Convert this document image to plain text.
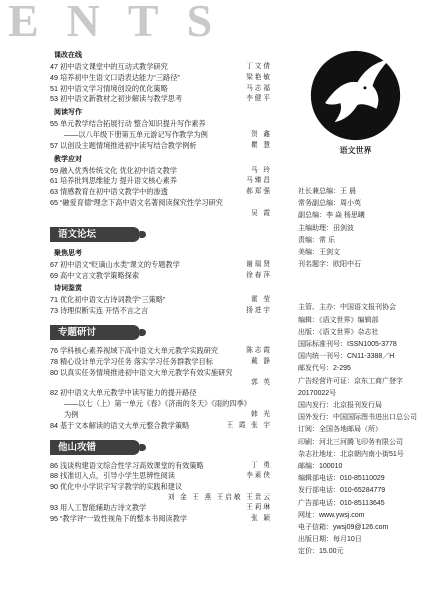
ENTS
课改在线
47 初中语文课堂中的互动式教学研究	丁文倩
49 培养初中生语文口语表达能力“三路径”	梁艳敏
51 初中语文学习情境创设的优化策略	马志福
53 初中语文新教材之初步解读与教学思考	李健平
阅读写作
55 单元教学结合拓展行动 整合知识提升写作素养
——以八年级下册第五单元游记写作教学为例	贺 鑫
57 以创设主题情境推进初中读写结合教学例析	瞿 慧
教学应对
59 融入优秀传统文化 优化初中语文教学	马 玲
61 培养批判思维能力 提升语文核心素养	马臻昌
63 情感教育在初中语文教学中的渗透	郝郑强
65 “融爱育德”理念下高中语文名著阅读探究性学习研究
吴 霞
语文论坛
聚焦思考
67 初中语文“贬谪山水类”课文的专题教学	谢瑞贤
69 高中文言文教学策略探索	徐春萍
诗词鉴赏
71 优化初中语文古诗词教学“三策略”	霍 莹
73 诗理似断实连 开悟不言之言	扬进宇
专题研讨
76 学科核心素养视域下高中语文大单元教学实践研究	陈志霞
78 精心设计单元学习任务 落实学习任务群教学目标	戴 静
80 以真实任务情境推进初中语文大单元教学有效实施研究
郭 英
82 初中语文大单元教学中读写能力的提升路径
——以七（上）第一单元《春》《济南的冬天》《雨的四季》
为例	韩 光
84 基于文本解读的语文大单元整合教学策略	王 霞 张 宇
他山攻错
86 浅谈构建语文综合性学习高效课堂的有效策略	丁 勇
88 找准切入点，引导小学生思辨性阅读	李素侠
90 优化中小学识字写字教学的实践和建议
刘 金 王 燕 王启敏 王贵云
93 用人工智能辅助古诗文教学	王莉琳
95 “教学评”一致性视角下的整本书阅读教学	张 颖
语文世界
社长兼总编：王 晨
常务副总编：周小英
副总编：李 焱 杨思曦
主编助理：田剑波
责编：常 乐
美编：王剑文
刊名题字：欧阳中石
主管、主办：中国语文报刊协会
编辑：《语文世界》编辑部
出版：《语文世界》杂志社
国际标准刊号：ISSN1005-3778
国内统一刊号：CN11-3388／H
邮发代号：2-295
广告经营许可证：京东工商广登字
20170022号
国内发行：北京报刊发行局
国外发行：中国国际图书进出口总公司
订阅：全国各地邮局（所）
印刷：河北三河腾飞印务有限公司
杂志社地址：北京朝内南小街51号
邮编：100010
编辑部电话：010-85110029
发行部电话：010-65284779
广告部电话：010-85113645
网址：www.ywsj.com
电子信箱：ywsj09@126.com
出版日期：每月10日
定价：15.00元
